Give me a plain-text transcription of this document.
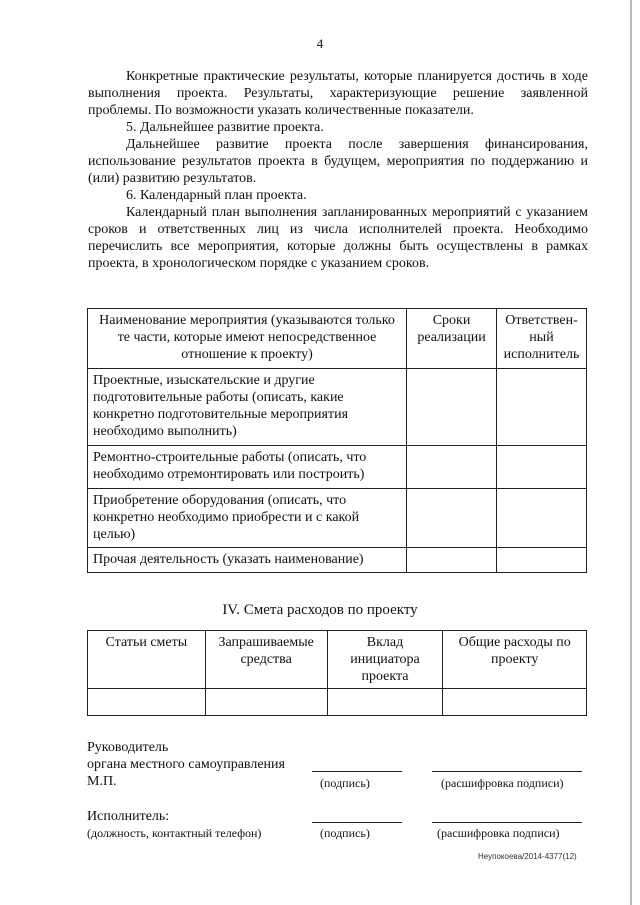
4

Конкретные практические результаты, которые планируется достичь в ходе выполнения проекта. Результаты, характеризующие решение заявленной проблемы. По возможности указать количественные показатели.

5. Дальнейшее развитие проекта.

Дальнейшее развитие проекта после завершения финансирования, использование результатов проекта в будущем, мероприятия по поддержанию и (или) развитию результатов.

6. Календарный план проекта.

Календарный план выполнения запланированных мероприятий с указанием сроков и ответственных лиц из числа исполнителей проекта. Необходимо перечислить все мероприятия, которые должны быть осуществлены в рамках проекта, в хронологическом порядке с указанием сроков.

Наименование мероприятия (указываются только те части, которые имеют непосредственное отношение к проекту)	Сроки реализации	Ответствен-ный исполнитель
Проектные, изыскательские и другие подготовительные работы (описать, какие конкретно подготовительные мероприятия необходимо выполнить)		
Ремонтно-строительные работы (описать, что необходимо отремонтировать или построить)		
Приобретение оборудования (описать, что конкретно необходимо приобрести и с какой целью)		
Прочая деятельность (указать наименование)		
IV. Смета расходов по проекту
Статьи сметы	Запрашиваемые средства	Вклад инициатора проекта	Общие расходы по проекту

Руководитель
органа местного самоуправления
М.П.	(подпись)	(расшифровка подписи)
Исполнитель:
(должность, контактный телефон)	(подпись)	(расшифровка подписи)
Неупокоева/2014-4377(12)
